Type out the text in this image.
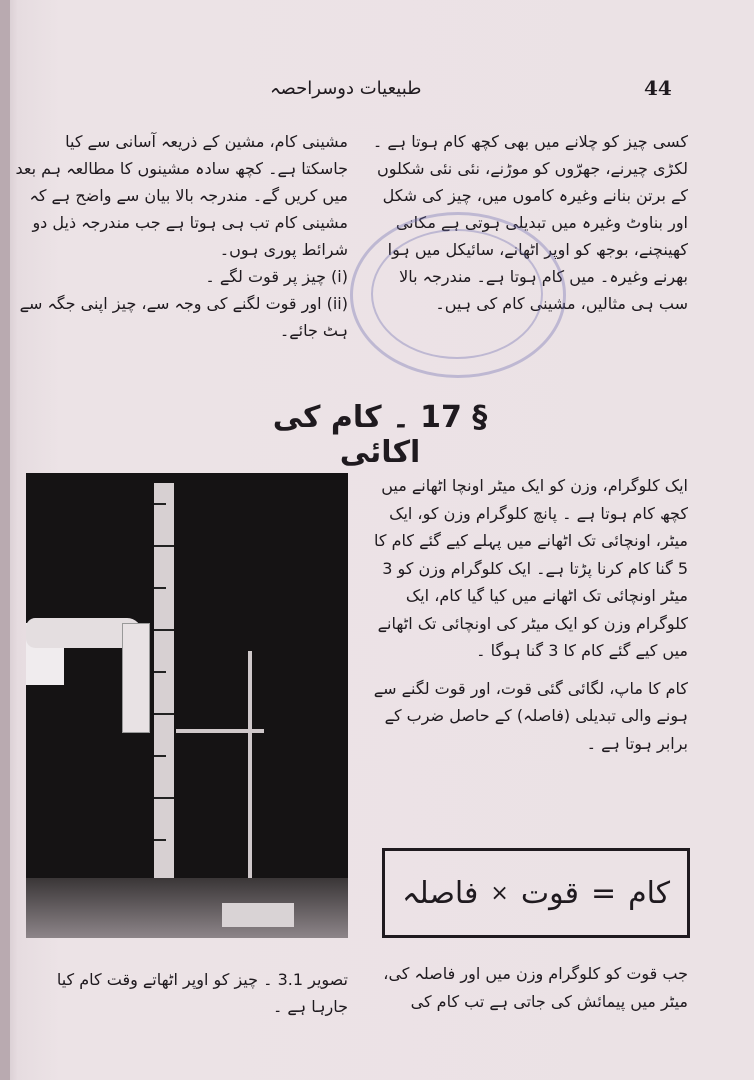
طبیعیات دوسراحصہ	44
کسی چیز کو چلانے میں بھی کچھ کام ہوتا ہے ۔ لکڑی چیرنے، جھرّوں کو موڑنے، نئی نئی شکلوں کے برتن بنانے وغیرہ کاموں میں، چیز کی شکل اور بناوٹ وغیرہ میں تبدیلی ہوتی ہے مکانی کھینچنے، بوجھ کو اوپر اٹھانے، سائیکل میں ہوا بھرنے وغیرہ۔ میں کام ہوتا ہے۔ مندرجہ بالا سب ہی مثالیں، مشینی کام کی ہیں۔
مشینی کام، مشین کے ذریعہ آسانی سے کیا جاسکتا ہے۔ کچھ سادہ مشینوں کا مطالعہ ہم بعد میں کریں گے۔ مندرجہ بالا بیان سے واضح ہے کہ مشینی کام تب ہی ہوتا ہے جب مندرجہ ذیل دو شرائط پوری ہوں۔
(i) چیز پر قوت لگے ۔
(ii) اور قوت لگنے کی وجہ سے، چیز اپنی جگہ سے ہٹ جائے۔
§ 17 ۔ کام کی اکائی
ایک کلوگرام، وزن کو ایک میٹر اونچا اٹھانے میں کچھ کام ہوتا ہے ۔ پانچ کلوگرام وزن کو، ایک میٹر، اونچائی تک اٹھانے میں پہلے کیے گئے کام کا 5 گنا کام کرنا پڑتا ہے۔ ایک کلوگرام وزن کو 3 میٹر اونچائی تک اٹھانے میں کیا گیا کام، ایک کلوگرام وزن کو ایک میٹر کی اونچائی تک اٹھانے میں کیے گئے کام کا 3 گنا ہوگا ۔
کام کا ماپ، لگائی گئی قوت، اور قوت لگنے سے ہونے والی تبدیلی (فاصلہ) کے حاصل ضرب کے برابر ہوتا ہے ۔
کام
=
قوت
×
فاصلہ
تصویر 3.1 ۔ چیز کو اوپر اٹھاتے وقت کام کیا جارہا ہے ۔
جب قوت کو کلوگرام وزن میں اور فاصلہ کی، میٹر میں پیمائش کی جاتی ہے تب کام کی
